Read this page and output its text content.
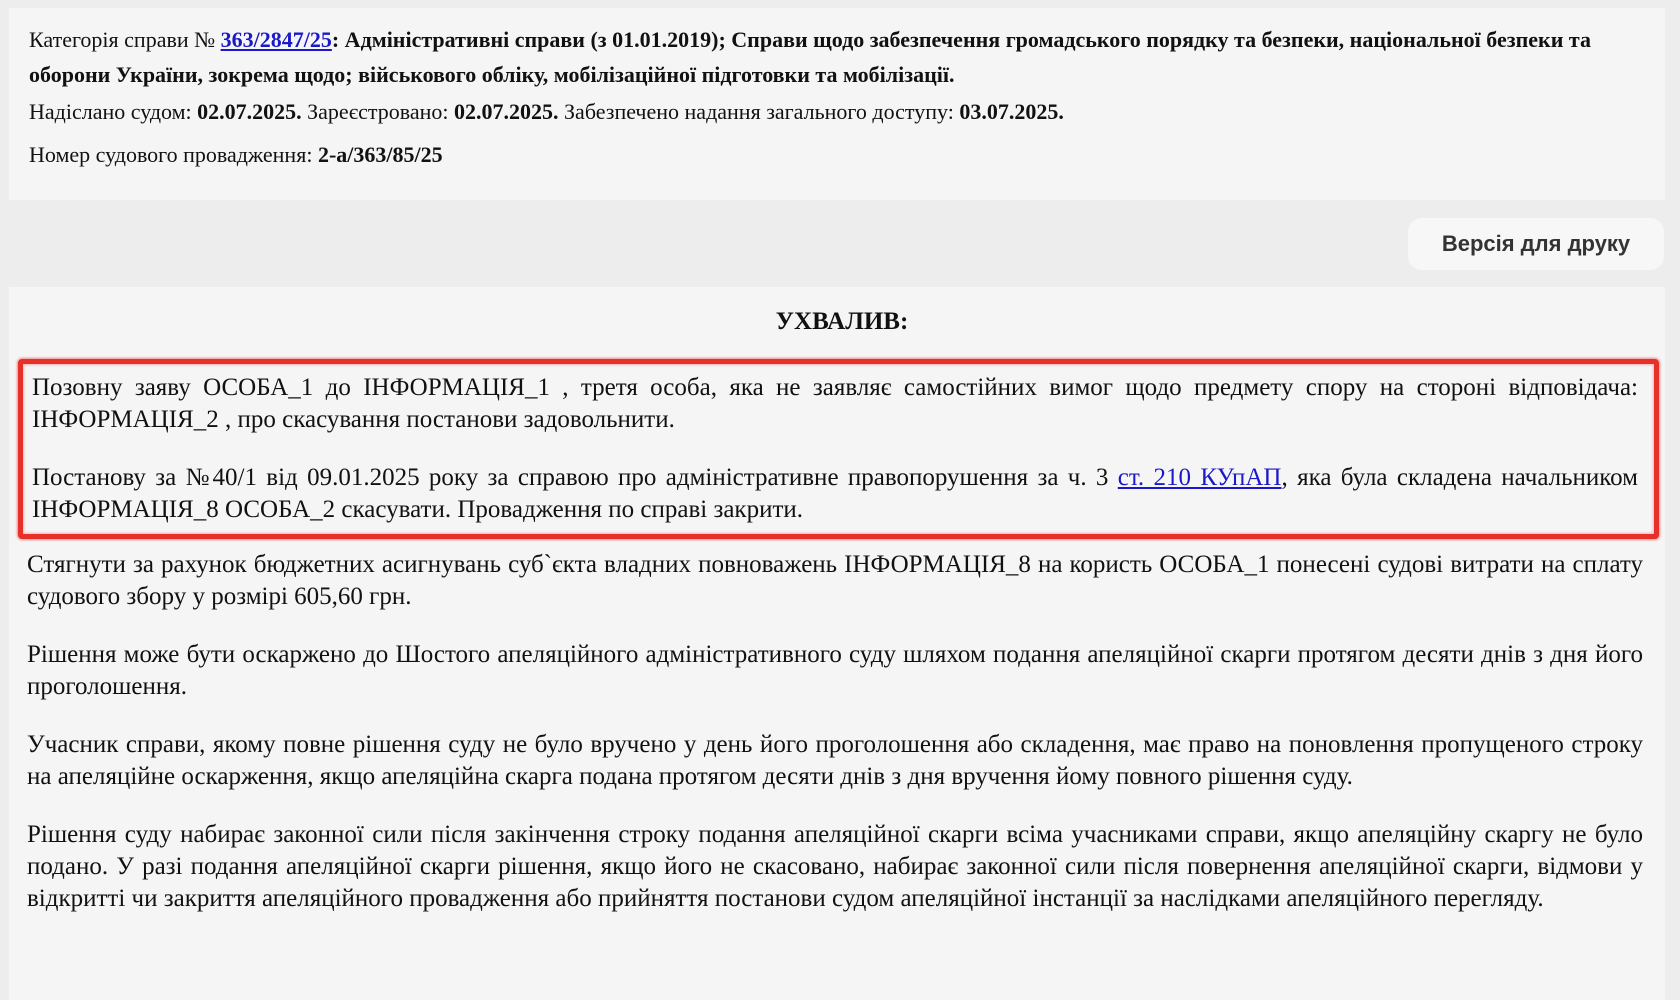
Категорія справи № 363/2847/25: Адміністративні справи (з 01.01.2019); Справи щодо забезпечення громадського порядку та безпеки, національної безпеки та оборони України, зокрема щодо; військового обліку, мобілізаційної підготовки та мобілізації.

Надіслано судом: 02.07.2025. Зареєстровано: 02.07.2025. Забезпечено надання загального доступу: 03.07.2025.

Номер судового провадження: 2-а/363/85/25

Версія для друку

УХВАЛИВ:

Позовну заяву ОСОБА_1 до ІНФОРМАЦІЯ_1 , третя особа, яка не заявляє самостійних вимог щодо предмету спору на стороні відповідача: ІНФОРМАЦІЯ_2 , про скасування постанови задовольнити.

Постанову за №40/1 від 09.01.2025 року за справою про адміністративне правопорушення за ч. 3 ст. 210 КУпАП, яка була складена начальником ІНФОРМАЦІЯ_8 ОСОБА_2 скасувати. Провадження по справі закрити.

Стягнути за рахунок бюджетних асигнувань суб`єкта владних повноважень ІНФОРМАЦІЯ_8 на користь ОСОБА_1 понесені судові витрати на сплату судового збору у розмірі 605,60 грн.

Рішення може бути оскаржено до Шостого апеляційного адміністративного суду шляхом подання апеляційної скарги протягом десяти днів з дня його проголошення.

Учасник справи, якому повне рішення суду не було вручено у день його проголошення або складення, має право на поновлення пропущеного строку на апеляційне оскарження, якщо апеляційна скарга подана протягом десяти днів з дня вручення йому повного рішення суду.

Рішення суду набирає законної сили після закінчення строку подання апеляційної скарги всіма учасниками справи, якщо апеляційну скаргу не було подано. У разі подання апеляційної скарги рішення, якщо його не скасовано, набирає законної сили після повернення апеляційної скарги, відмови у відкритті чи закриття апеляційного провадження або прийняття постанови судом апеляційної інстанції за наслідками апеляційного перегляду.
